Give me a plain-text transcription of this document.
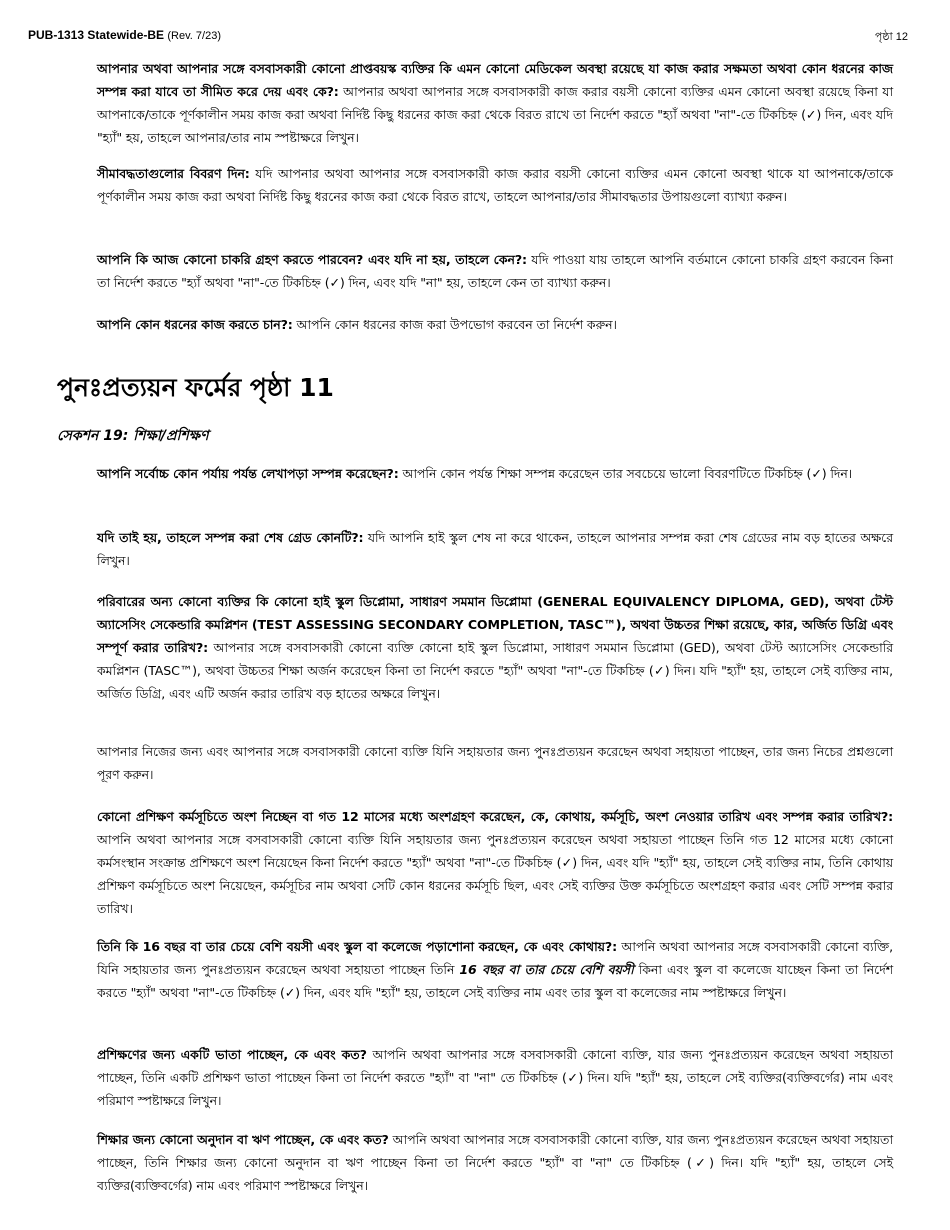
PUB-1313 Statewide-BE (Rev. 7/23)	পৃষ্ঠা 12

আপনার অথবা আপনার সঙ্গে বসবাসকারী কোনো প্রাপ্তবয়স্ক ব্যক্তির কি এমন কোনো মেডিকেল অবস্থা রয়েছে যা কাজ করার সক্ষমতা অথবা কোন ধরনের কাজ সম্পন্ন করা যাবে তা সীমিত করে দেয় এবং কে?: আপনার অথবা আপনার সঙ্গে বসবাসকারী কাজ করার বয়সী কোনো ব্যক্তির এমন কোনো অবস্থা রয়েছে কিনা যা আপনাকে/তাকে পূর্ণকালীন সময় কাজ করা অথবা নির্দিষ্ট কিছু ধরনের কাজ করা থেকে বিরত রাখে তা নির্দেশ করতে "হ্যাঁ অথবা "না"-তে টিকচিহ্ন (✓) দিন, এবং যদি "হ্যাঁ" হয়, তাহলে আপনার/তার নাম স্পষ্টাক্ষরে লিখুন।

সীমাবদ্ধতাগুলোর বিবরণ দিন: যদি আপনার অথবা আপনার সঙ্গে বসবাসকারী কাজ করার বয়সী কোনো ব্যক্তির এমন কোনো অবস্থা থাকে যা আপনাকে/তাকে পূর্ণকালীন সময় কাজ করা অথবা নির্দিষ্ট কিছু ধরনের কাজ করা থেকে বিরত রাখে, তাহলে আপনার/তার সীমাবদ্ধতার উপায়গুলো ব্যাখ্যা করুন।

আপনি কি আজ কোনো চাকরি গ্রহণ করতে পারবেন? এবং যদি না হয়, তাহলে কেন?: যদি পাওয়া যায় তাহলে আপনি বর্তমানে কোনো চাকরি গ্রহণ করবেন কিনা তা নির্দেশ করতে "হ্যাঁ অথবা "না"-তে টিকচিহ্ন (✓) দিন, এবং যদি "না" হয়, তাহলে কেন তা ব্যাখ্যা করুন।

আপনি কোন ধরনের কাজ করতে চান?: আপনি কোন ধরনের কাজ করা উপভোগ করবেন তা নির্দেশ করুন।

পুনঃপ্রত্যয়ন ফর্মের পৃষ্ঠা 11
সেকশন 19: শিক্ষা/প্রশিক্ষণ

আপনি সর্বোচ্চ কোন পর্যায় পর্যন্ত লেখাপড়া সম্পন্ন করেছেন?: আপনি কোন পর্যন্ত শিক্ষা সম্পন্ন করেছেন তার সবচেয়ে ভালো বিবরণটিতে টিকচিহ্ন (✓) দিন।

যদি তাই হয়, তাহলে সম্পন্ন করা শেষ গ্রেড কোনটি?: যদি আপনি হাই স্কুল শেষ না করে থাকেন, তাহলে আপনার সম্পন্ন করা শেষ গ্রেডের নাম বড় হাতের অক্ষরে লিখুন।

পরিবারের অন্য কোনো ব্যক্তির কি কোনো হাই স্কুল ডিপ্লোমা, সাধারণ সমমান ডিপ্লোমা (GENERAL EQUIVALENCY DIPLOMA, GED), অথবা টেস্ট অ্যাসেসিং সেকেন্ডারি কমপ্লিশন (TEST ASSESSING SECONDARY COMPLETION, TASC™), অথবা উচ্চতর শিক্ষা রয়েছে, কার, অর্জিত ডিগ্রি এবং সম্পূর্ণ করার তারিখ?: আপনার সঙ্গে বসবাসকারী কোনো ব্যক্তি কোনো হাই স্কুল ডিপ্লোমা, সাধারণ সমমান ডিপ্লোমা (GED), অথবা টেস্ট অ্যাসেসিং সেকেন্ডারি কমপ্লিশন (TASC™), অথবা উচ্চতর শিক্ষা অর্জন করেছেন কিনা তা নির্দেশ করতে "হ্যাঁ" অথবা "না"-তে টিকচিহ্ন (✓) দিন। যদি "হ্যাঁ" হয়, তাহলে সেই ব্যক্তির নাম, অর্জিত ডিগ্রি, এবং এটি অর্জন করার তারিখ বড় হাতের অক্ষরে লিখুন।

আপনার নিজের জন্য এবং আপনার সঙ্গে বসবাসকারী কোনো ব্যক্তি যিনি সহায়তার জন্য পুনঃপ্রত্যয়ন করেছেন অথবা সহায়তা পাচ্ছেন, তার জন্য নিচের প্রশ্নগুলো পূরণ করুন।

কোনো প্রশিক্ষণ কর্মসূচিতে অংশ নিচ্ছেন বা গত 12 মাসের মধ্যে অংশগ্রহণ করেছেন, কে, কোথায়, কর্মসূচি, অংশ নেওয়ার তারিখ এবং সম্পন্ন করার তারিখ?: আপনি অথবা আপনার সঙ্গে বসবাসকারী কোনো ব্যক্তি যিনি সহায়তার জন্য পুনঃপ্রত্যয়ন করেছেন অথবা সহায়তা পাচ্ছেন তিনি গত 12 মাসের মধ্যে কোনো কর্মসংস্থান সংক্রান্ত প্রশিক্ষণে অংশ নিয়েছেন কিনা নির্দেশ করতে "হ্যাঁ" অথবা "না"-তে টিকচিহ্ন (✓) দিন, এবং যদি "হ্যাঁ" হয়, তাহলে সেই ব্যক্তির নাম, তিনি কোথায় প্রশিক্ষণ কর্মসূচিতে অংশ নিয়েছেন, কর্মসূচির নাম অথবা সেটি কোন ধরনের কর্মসূচি ছিল, এবং সেই ব্যক্তির উক্ত কর্মসূচিতে অংশগ্রহণ করার এবং সেটি সম্পন্ন করার তারিখ।

তিনি কি 16 বছর বা তার চেয়ে বেশি বয়সী এবং স্কুল বা কলেজে পড়াশোনা করছেন, কে এবং কোথায়?: আপনি অথবা আপনার সঙ্গে বসবাসকারী কোনো ব্যক্তি, যিনি সহায়তার জন্য পুনঃপ্রত্যয়ন করেছেন অথবা সহায়তা পাচ্ছেন তিনি 16 বছর বা তার চেয়ে বেশি বয়সী কিনা এবং স্কুল বা কলেজে যাচ্ছেন কিনা তা নির্দেশ করতে "হ্যাঁ" অথবা "না"-তে টিকচিহ্ন (✓) দিন, এবং যদি "হ্যাঁ" হয়, তাহলে সেই ব্যক্তির নাম এবং তার স্কুল বা কলেজের নাম স্পষ্টাক্ষরে লিখুন।

প্রশিক্ষণের জন্য একটি ভাতা পাচ্ছেন, কে এবং কত? আপনি অথবা আপনার সঙ্গে বসবাসকারী কোনো ব্যক্তি, যার জন্য পুনঃপ্রত্যয়ন করেছেন অথবা সহায়তা পাচ্ছেন, তিনি একটি প্রশিক্ষণ ভাতা পাচ্ছেন কিনা তা নির্দেশ করতে "হ্যাঁ" বা "না" তে টিকচিহ্ন (✓) দিন। যদি "হ্যাঁ" হয়, তাহলে সেই ব্যক্তির(ব্যক্তিবর্গের) নাম এবং পরিমাণ স্পষ্টাক্ষরে লিখুন।

শিক্ষার জন্য কোনো অনুদান বা ঋণ পাচ্ছেন, কে এবং কত? আপনি অথবা আপনার সঙ্গে বসবাসকারী কোনো ব্যক্তি, যার জন্য পুনঃপ্রত্যয়ন করেছেন অথবা সহায়তা পাচ্ছেন, তিনি শিক্ষার জন্য কোনো অনুদান বা ঋণ পাচ্ছেন কিনা তা নির্দেশ করতে "হ্যাঁ" বা "না" তে টিকচিহ্ন (✓) দিন। যদি "হ্যাঁ" হয়, তাহলে সেই ব্যক্তির(ব্যক্তিবর্গের) নাম এবং পরিমাণ স্পষ্টাক্ষরে লিখুন।
